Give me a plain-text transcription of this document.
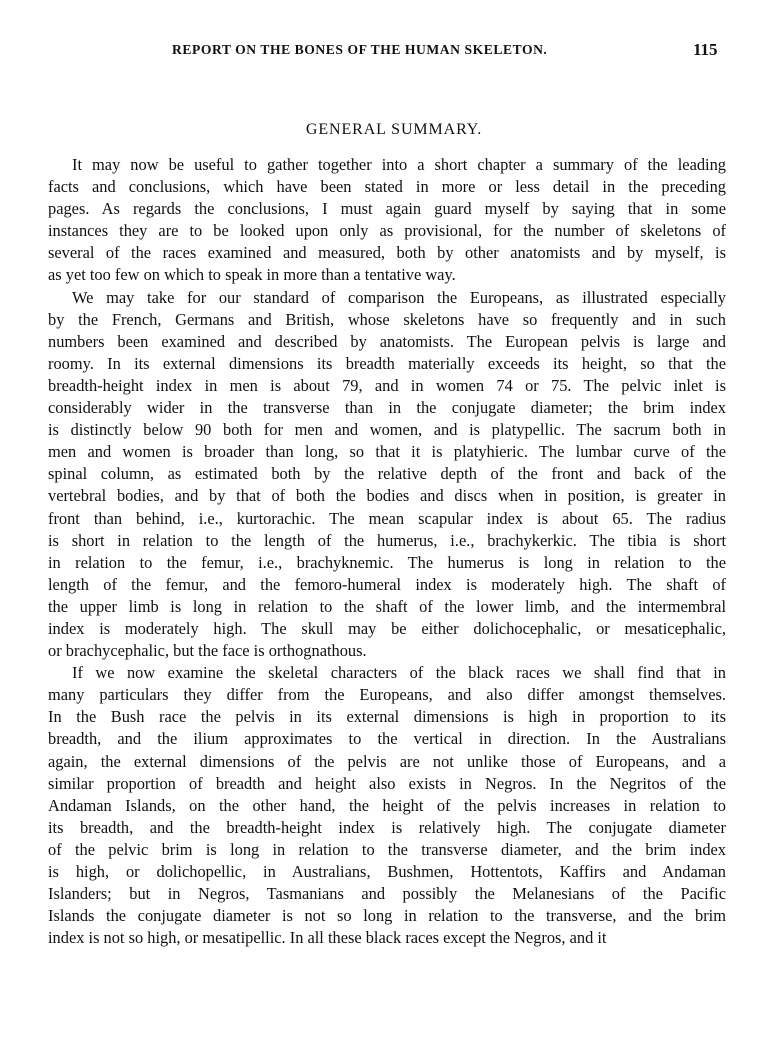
REPORT ON THE BONES OF THE HUMAN SKELETON.	115
GENERAL SUMMARY.
It may now be useful to gather together into a short chapter a summary of the leading
facts and conclusions, which have been stated in more or less detail in the preceding
pages. As regards the conclusions, I must again guard myself by saying that in some
instances they are to be looked upon only as provisional, for the number of skeletons of
several of the races examined and measured, both by other anatomists and by myself, is
as yet too few on which to speak in more than a tentative way.
We may take for our standard of comparison the Europeans, as illustrated especially
by the French, Germans and British, whose skeletons have so frequently and in such
numbers been examined and described by anatomists. The European pelvis is large and
roomy. In its external dimensions its breadth materially exceeds its height, so that the
breadth-height index in men is about 79, and in women 74 or 75. The pelvic inlet is
considerably wider in the transverse than in the conjugate diameter; the brim index
is distinctly below 90 both for men and women, and is platypellic. The sacrum both in
men and women is broader than long, so that it is platyhieric. The lumbar curve of the
spinal column, as estimated both by the relative depth of the front and back of the
vertebral bodies, and by that of both the bodies and discs when in position, is greater in
front than behind, i.e., kurtorachic. The mean scapular index is about 65. The radius
is short in relation to the length of the humerus, i.e., brachykerkic. The tibia is short
in relation to the femur, i.e., brachyknemic. The humerus is long in relation to the
length of the femur, and the femoro-humeral index is moderately high. The shaft of
the upper limb is long in relation to the shaft of the lower limb, and the intermembral
index is moderately high. The skull may be either dolichocephalic, or mesaticephalic,
or brachycephalic, but the face is orthognathous.
If we now examine the skeletal characters of the black races we shall find that in
many particulars they differ from the Europeans, and also differ amongst themselves.
In the Bush race the pelvis in its external dimensions is high in proportion to its
breadth, and the ilium approximates to the vertical in direction. In the Australians
again, the external dimensions of the pelvis are not unlike those of Europeans, and a
similar proportion of breadth and height also exists in Negros. In the Negritos of the
Andaman Islands, on the other hand, the height of the pelvis increases in relation to
its breadth, and the breadth-height index is relatively high. The conjugate diameter
of the pelvic brim is long in relation to the transverse diameter, and the brim index
is high, or dolichopellic, in Australians, Bushmen, Hottentots, Kaffirs and Andaman
Islanders; but in Negros, Tasmanians and possibly the Melanesians of the Pacific
Islands the conjugate diameter is not so long in relation to the transverse, and the brim
index is not so high, or mesatipellic. In all these black races except the Negros, and it
